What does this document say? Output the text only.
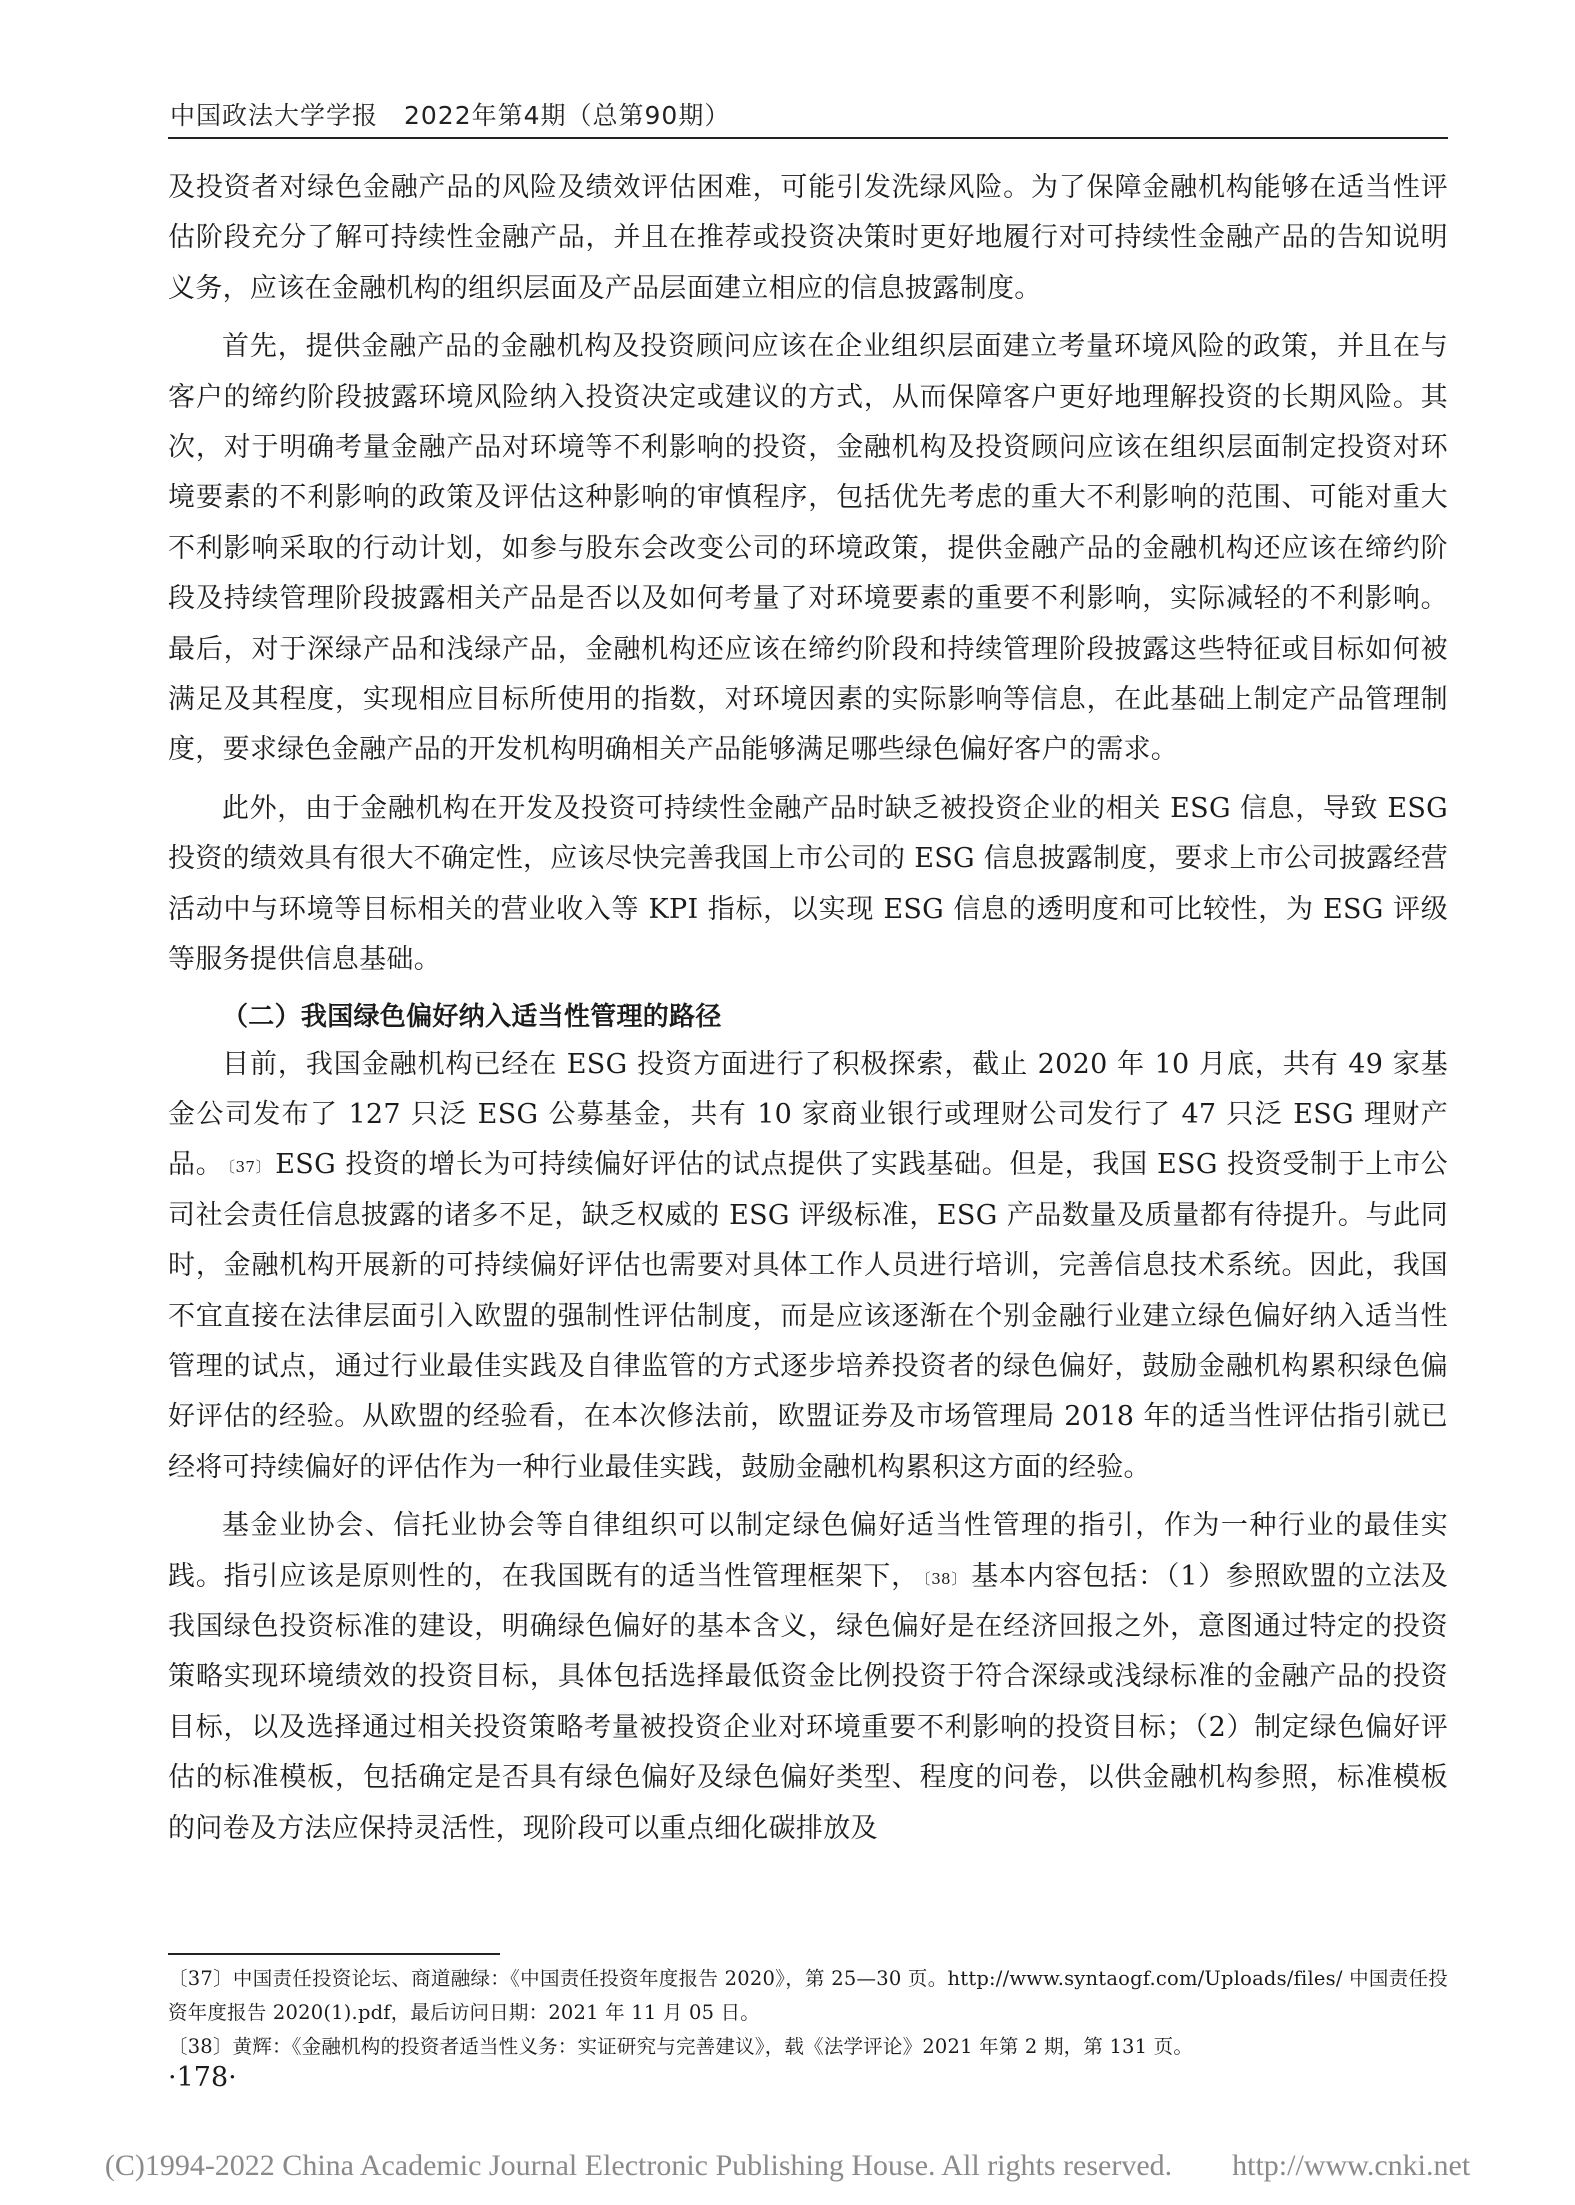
中国政法大学学报　2022年第4期（总第90期）

及投资者对绿色金融产品的风险及绩效评估困难，可能引发洗绿风险。为了保障金融机构能够在适当性评估阶段充分了解可持续性金融产品，并且在推荐或投资决策时更好地履行对可持续性金融产品的告知说明义务，应该在金融机构的组织层面及产品层面建立相应的信息披露制度。

首先，提供金融产品的金融机构及投资顾问应该在企业组织层面建立考量环境风险的政策，并且在与客户的缔约阶段披露环境风险纳入投资决定或建议的方式，从而保障客户更好地理解投资的长期风险。其次，对于明确考量金融产品对环境等不利影响的投资，金融机构及投资顾问应该在组织层面制定投资对环境要素的不利影响的政策及评估这种影响的审慎程序，包括优先考虑的重大不利影响的范围、可能对重大不利影响采取的行动计划，如参与股东会改变公司的环境政策，提供金融产品的金融机构还应该在缔约阶段及持续管理阶段披露相关产品是否以及如何考量了对环境要素的重要不利影响，实际减轻的不利影响。最后，对于深绿产品和浅绿产品，金融机构还应该在缔约阶段和持续管理阶段披露这些特征或目标如何被满足及其程度，实现相应目标所使用的指数，对环境因素的实际影响等信息，在此基础上制定产品管理制度，要求绿色金融产品的开发机构明确相关产品能够满足哪些绿色偏好客户的需求。

此外，由于金融机构在开发及投资可持续性金融产品时缺乏被投资企业的相关 ESG 信息，导致 ESG 投资的绩效具有很大不确定性，应该尽快完善我国上市公司的 ESG 信息披露制度，要求上市公司披露经营活动中与环境等目标相关的营业收入等 KPI 指标，以实现 ESG 信息的透明度和可比较性，为 ESG 评级等服务提供信息基础。

（二）我国绿色偏好纳入适当性管理的路径

目前，我国金融机构已经在 ESG 投资方面进行了积极探索，截止 2020 年 10 月底，共有 49 家基金公司发布了 127 只泛 ESG 公募基金，共有 10 家商业银行或理财公司发行了 47 只泛 ESG 理财产品。 $^{〔37〕}$ ESG 投资的增长为可持续偏好评估的试点提供了实践基础。但是，我国 ESG 投资受制于上市公司社会责任信息披露的诸多不足，缺乏权威的 ESG 评级标准，ESG 产品数量及质量都有待提升。与此同时，金融机构开展新的可持续偏好评估也需要对具体工作人员进行培训，完善信息技术系统。因此，我国不宜直接在法律层面引入欧盟的强制性评估制度，而是应该逐渐在个别金融行业建立绿色偏好纳入适当性管理的试点，通过行业最佳实践及自律监管的方式逐步培养投资者的绿色偏好，鼓励金融机构累积绿色偏好评估的经验。从欧盟的经验看，在本次修法前，欧盟证券及市场管理局 2018 年的适当性评估指引就已经将可持续偏好的评估作为一种行业最佳实践，鼓励金融机构累积这方面的经验。

基金业协会、信托业协会等自律组织可以制定绿色偏好适当性管理的指引，作为一种行业的最佳实践。指引应该是原则性的，在我国既有的适当性管理框架下， $^{〔38〕}$ 基本内容包括：（1）参照欧盟的立法及我国绿色投资标准的建设，明确绿色偏好的基本含义，绿色偏好是在经济回报之外，意图通过特定的投资策略实现环境绩效的投资目标，具体包括选择最低资金比例投资于符合深绿或浅绿标准的金融产品的投资目标，以及选择通过相关投资策略考量被投资企业对环境重要不利影响的投资目标；（2）制定绿色偏好评估的标准模板，包括确定是否具有绿色偏好及绿色偏好类型、程度的问卷，以供金融机构参照，标准模板的问卷及方法应保持灵活性，现阶段可以重点细化碳排放及

〔37〕中国责任投资论坛、商道融绿：《中国责任投资年度报告 2020》，第 25—30 页。http://www.syntaogf.com/Uploads/files/ 中国责任投资年度报告 2020(1).pdf，最后访问日期：2021 年 11 月 05 日。

〔38〕黄辉：《金融机构的投资者适当性义务：实证研究与完善建议》，载《法学评论》2021 年第 2 期，第 131 页。

·178·
(C)1994-2022 China Academic Journal Electronic Publishing House. All rights reserved.　　http://www.cnki.net
